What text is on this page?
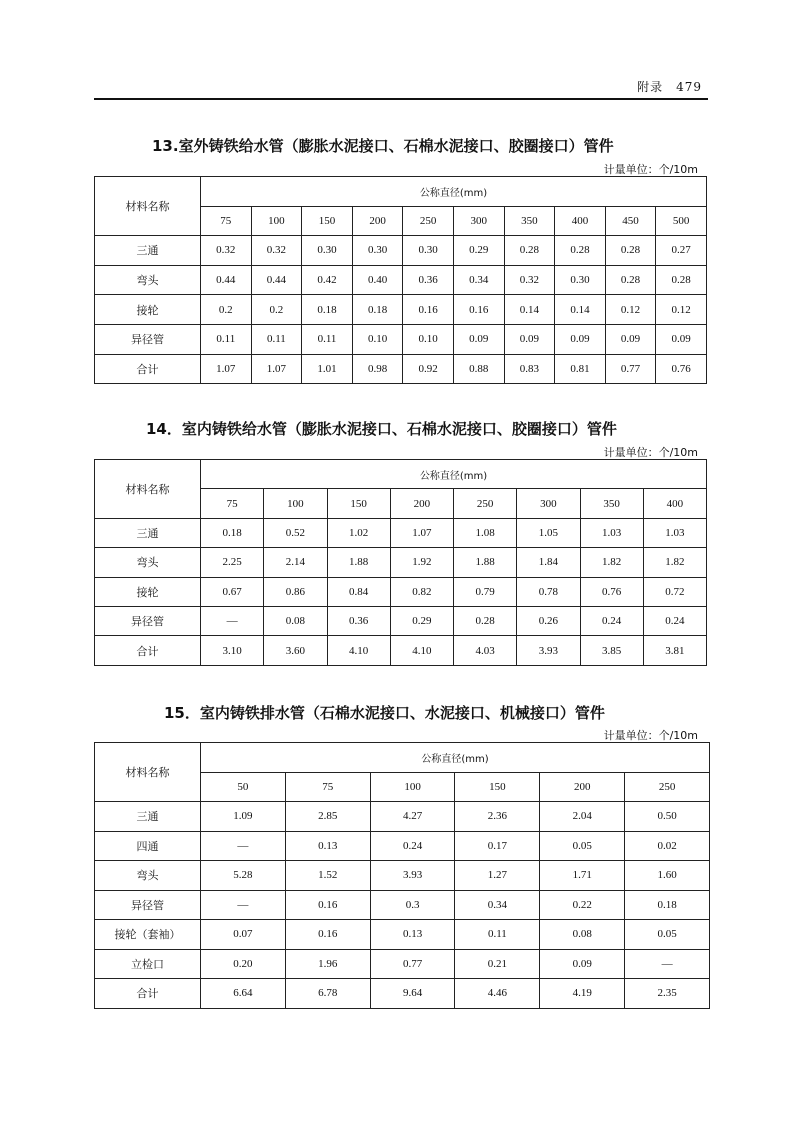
附录　479
13.室外铸铁给水管（膨胀水泥接口、石棉水泥接口、胶圈接口）管件
计量单位：个/10m
材料名称	公称直径(mm)									
	75	100	150	200	250	300	350	400	450	500
三通	0.32	0.32	0.30	0.30	0.30	0.29	0.28	0.28	0.28	0.27
弯头	0.44	0.44	0.42	0.40	0.36	0.34	0.32	0.30	0.28	0.28
接轮	0.2	0.2	0.18	0.18	0.16	0.16	0.14	0.14	0.12	0.12
异径管	0.11	0.11	0.11	0.10	0.10	0.09	0.09	0.09	0.09	0.09
合计	1.07	1.07	1.01	0.98	0.92	0.88	0.83	0.81	0.77	0.76
14．室内铸铁给水管（膨胀水泥接口、石棉水泥接口、胶圈接口）管件
计量单位：个/10m
材料名称	公称直径(mm)							
	75	100	150	200	250	300	350	400
三通	0.18	0.52	1.02	1.07	1.08	1.05	1.03	1.03
弯头	2.25	2.14	1.88	1.92	1.88	1.84	1.82	1.82
接轮	0.67	0.86	0.84	0.82	0.79	0.78	0.76	0.72
异径管	—	0.08	0.36	0.29	0.28	0.26	0.24	0.24
合计	3.10	3.60	4.10	4.10	4.03	3.93	3.85	3.81
15．室内铸铁排水管（石棉水泥接口、水泥接口、机械接口）管件
计量单位：个/10m
材料名称	公称直径(mm)					
	50	75	100	150	200	250
三通	1.09	2.85	4.27	2.36	2.04	0.50
四通	—	0.13	0.24	0.17	0.05	0.02
弯头	5.28	1.52	3.93	1.27	1.71	1.60
异径管	—	0.16	0.3	0.34	0.22	0.18
接轮（套袖）	0.07	0.16	0.13	0.11	0.08	0.05
立检口	0.20	1.96	0.77	0.21	0.09	—
合计	6.64	6.78	9.64	4.46	4.19	2.35
